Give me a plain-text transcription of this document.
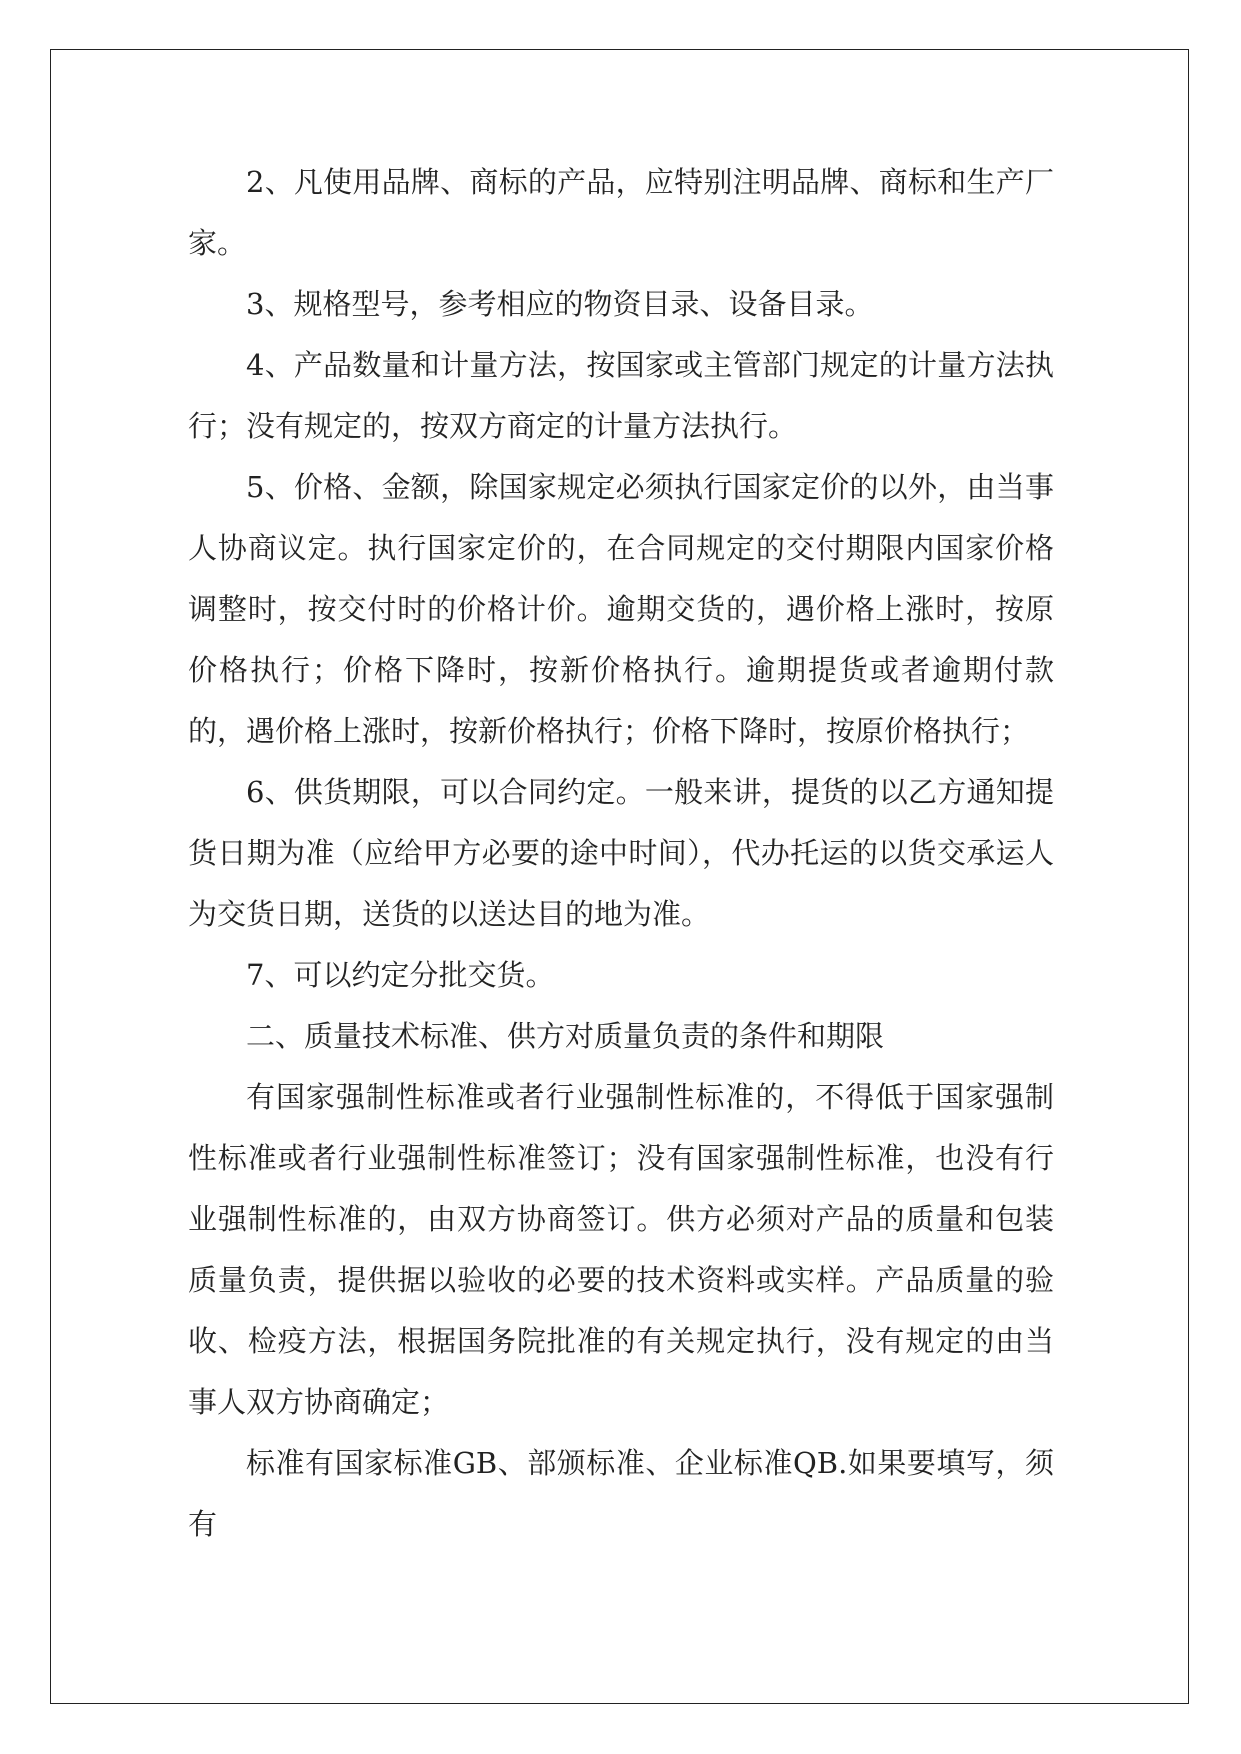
2、凡使用品牌、商标的产品，应特别注明品牌、商标和生产厂家。

3、规格型号，参考相应的物资目录、设备目录。

4、产品数量和计量方法，按国家或主管部门规定的计量方法执行；没有规定的，按双方商定的计量方法执行。

5、价格、金额，除国家规定必须执行国家定价的以外，由当事人协商议定。执行国家定价的，在合同规定的交付期限内国家价格调整时，按交付时的价格计价。逾期交货的，遇价格上涨时，按原价格执行；价格下降时，按新价格执行。逾期提货或者逾期付款的，遇价格上涨时，按新价格执行；价格下降时，按原价格执行；

6、供货期限，可以合同约定。一般来讲，提货的以乙方通知提货日期为准（应给甲方必要的途中时间），代办托运的以货交承运人为交货日期，送货的以送达目的地为准。

7、可以约定分批交货。

二、质量技术标准、供方对质量负责的条件和期限

有国家强制性标准或者行业强制性标准的，不得低于国家强制性标准或者行业强制性标准签订；没有国家强制性标准，也没有行业强制性标准的，由双方协商签订。供方必须对产品的质量和包装质量负责，提供据以验收的必要的技术资料或实样。产品质量的验收、检疫方法，根据国务院批准的有关规定执行，没有规定的由当事人双方协商确定；

标准有国家标准GB、部颁标准、企业标准QB.如果要填写，须有
